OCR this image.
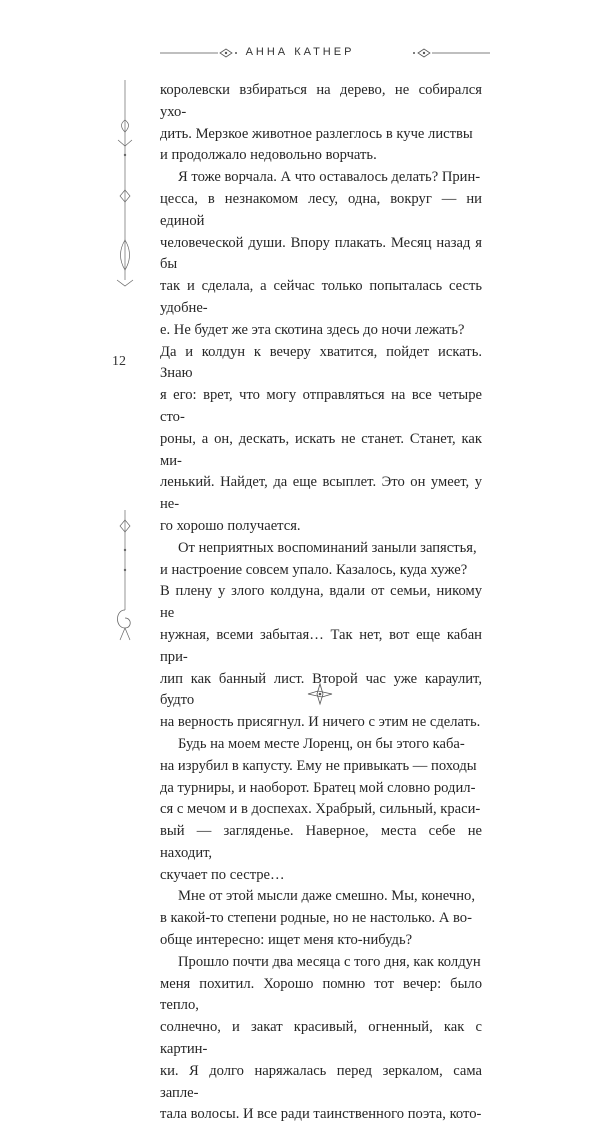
АННА КАТНЕР
12

королевски взбираться на дерево, не собирался ухо-

дить. Мерзкое животное разлеглось в куче листвы

и продолжало недовольно ворчать.

Я тоже ворчала. А что оставалось делать? Прин-

цесса, в незнакомом лесу, одна, вокруг — ни единой

человеческой души. Впору плакать. Месяц назад я бы

так и сделала, а сейчас только попыталась сесть удобне-

е. Не будет же эта скотина здесь до ночи лежать?

Да и колдун к вечеру хватится, пойдет искать. Знаю

я его: врет, что могу отправляться на все четыре сто-

роны, а он, дескать, искать не станет. Станет, как ми-

ленький. Найдет, да еще всыплет. Это он умеет, у не-

го хорошо получается.

От неприятных воспоминаний заныли запястья,

и настроение совсем упало. Казалось, куда хуже?

В плену у злого колдуна, вдали от семьи, никому не

нужная, всеми забытая… Так нет, вот еще кабан при-

лип как банный лист. Второй час уже караулит, будто

на верность присягнул. И ничего с этим не сделать.

Будь на моем месте Лоренц, он бы этого каба-

на изрубил в капусту. Ему не привыкать — походы

да турниры, и наоборот. Братец мой словно родил-

ся с мечом и в доспехах. Храбрый, сильный, краси-

вый — загляденье. Наверное, места себе не находит,

скучает по сестре…

Мне от этой мысли даже смешно. Мы, конечно,

в какой-то степени родные, но не настолько. А во-

обще интересно: ищет меня кто-нибудь?

Прошло почти два месяца с того дня, как колдун

меня похитил. Хорошо помню тот вечер: было тепло,

солнечно, и закат красивый, огненный, как с картин-

ки. Я долго наряжалась перед зеркалом, сама запле-

тала волосы. И все ради таинственного поэта, кото-
